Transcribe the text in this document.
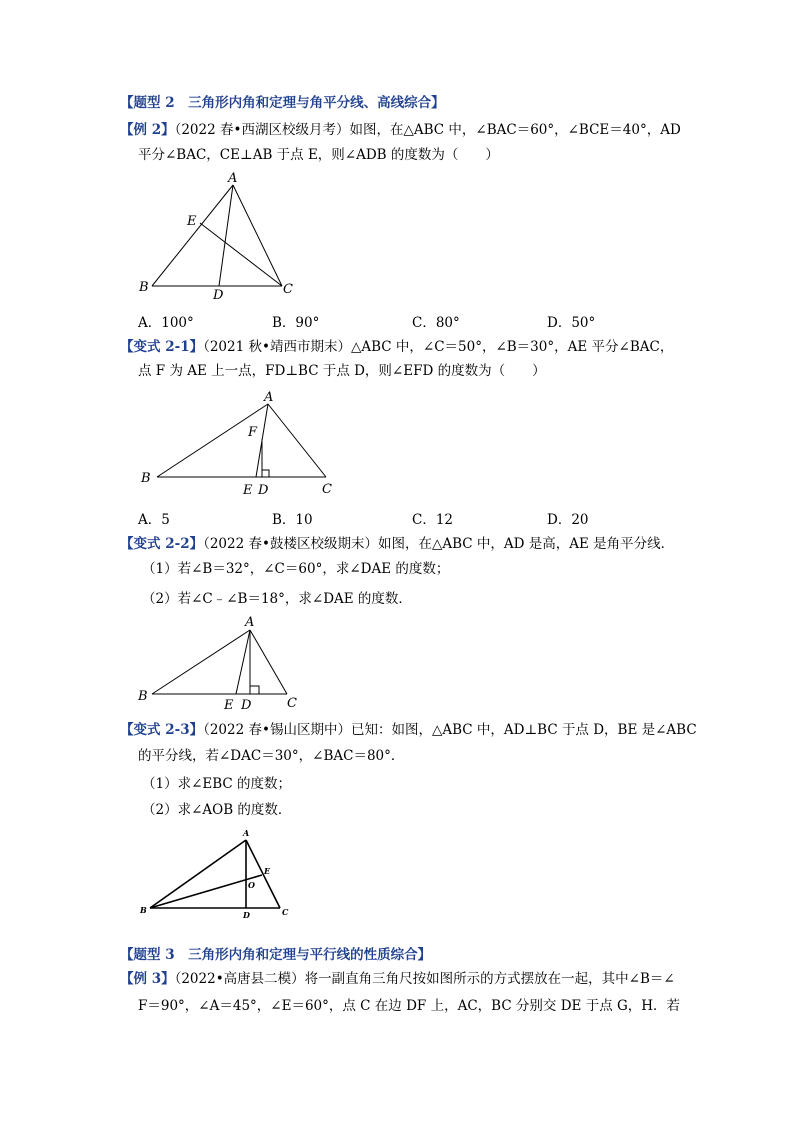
【题型 2　三角形内角和定理与角平分线、高线综合】
【例 2】（2022 春•西湖区校级月考）如图，在△ABC 中，∠BAC＝60°，∠BCE＝40°，AD
平分∠BAC，CE⊥AB 于点 E，则∠ADB 的度数为（　　）
A
E
B
D	C
A．100°	B．90°	C．80°	D．50°
【变式 2-1】（2021 秋•靖西市期末）△ABC 中，∠C＝50°，∠B＝30°，AE 平分∠BAC，
点 F 为 AE 上一点，FD⊥BC 于点 D，则∠EFD 的度数为（　　）
A
F
B
E D	C
A．5	B．10	C．12	D．20
【变式 2-2】（2022 春•鼓楼区校级期末）如图，在△ABC 中，AD 是高，AE 是角平分线．
（1）若∠B＝32°，∠C＝60°，求∠DAE 的度数；
（2）若∠C﹣∠B＝18°，求∠DAE 的度数．
A
B
E D	C
【变式 2-3】（2022 春•锡山区期中）已知：如图，△ABC 中，AD⊥BC 于点 D，BE 是∠ABC
的平分线，若∠DAC＝30°，∠BAC＝80°．
（1）求∠EBC 的度数；
（2）求∠AOB 的度数．
A
E
O
B	D	C
【题型 3　三角形内角和定理与平行线的性质综合】
【例 3】（2022•高唐县二模）将一副直角三角尺按如图所示的方式摆放在一起，其中∠B＝∠
F＝90°，∠A＝45°，∠E＝60°，点 C 在边 DF 上，AC，BC 分别交 DE 于点 G，H．若
